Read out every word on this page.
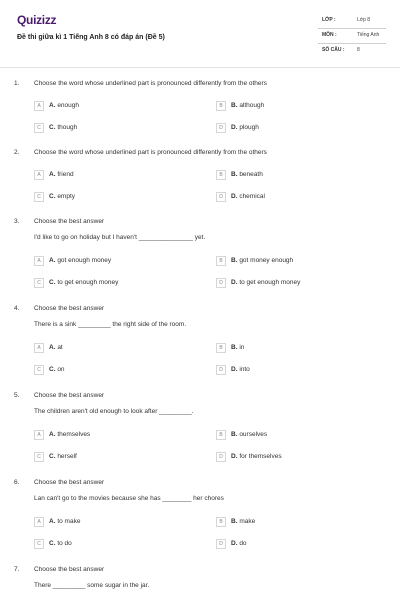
Quizizz
Đề thi giữa kì 1 Tiếng Anh 8 có đáp án (Đề 5)
LỚP :	Lớp 8
MÔN :	Tiếng Anh
SỐ CÂU :	8
1. Choose the word whose underlined part is pronounced differently from the others
A	A. enough	B	B. although
C	C. though	D	D. plough
2. Choose the word whose underlined part is pronounced differently from the others
A	A. friend	B	B. beneath
C	C. empty	D	D. chemical
3. Choose the best answer
I'd like to go on holiday but I haven't _______________ yet.
A	A. got enough money	B	B. got money enough
C	C. to get enough money	D	D. to get enough money
4. Choose the best answer
There is a sink _________ the right side of the room.
A	A. at	B	B. in
C	C. on	D	D. into
5. Choose the best answer
The children aren't old enough to look after _________.
A	A. themselves	B	B. ourselves
C	C. herself	D	D. for themselves
6. Choose the best answer
Lan can't go to the movies because she has ________ her chores
A	A. to make	B	B. make
C	C. to do	D	D. do
7. Choose the best answer
There _________ some sugar in the jar.
